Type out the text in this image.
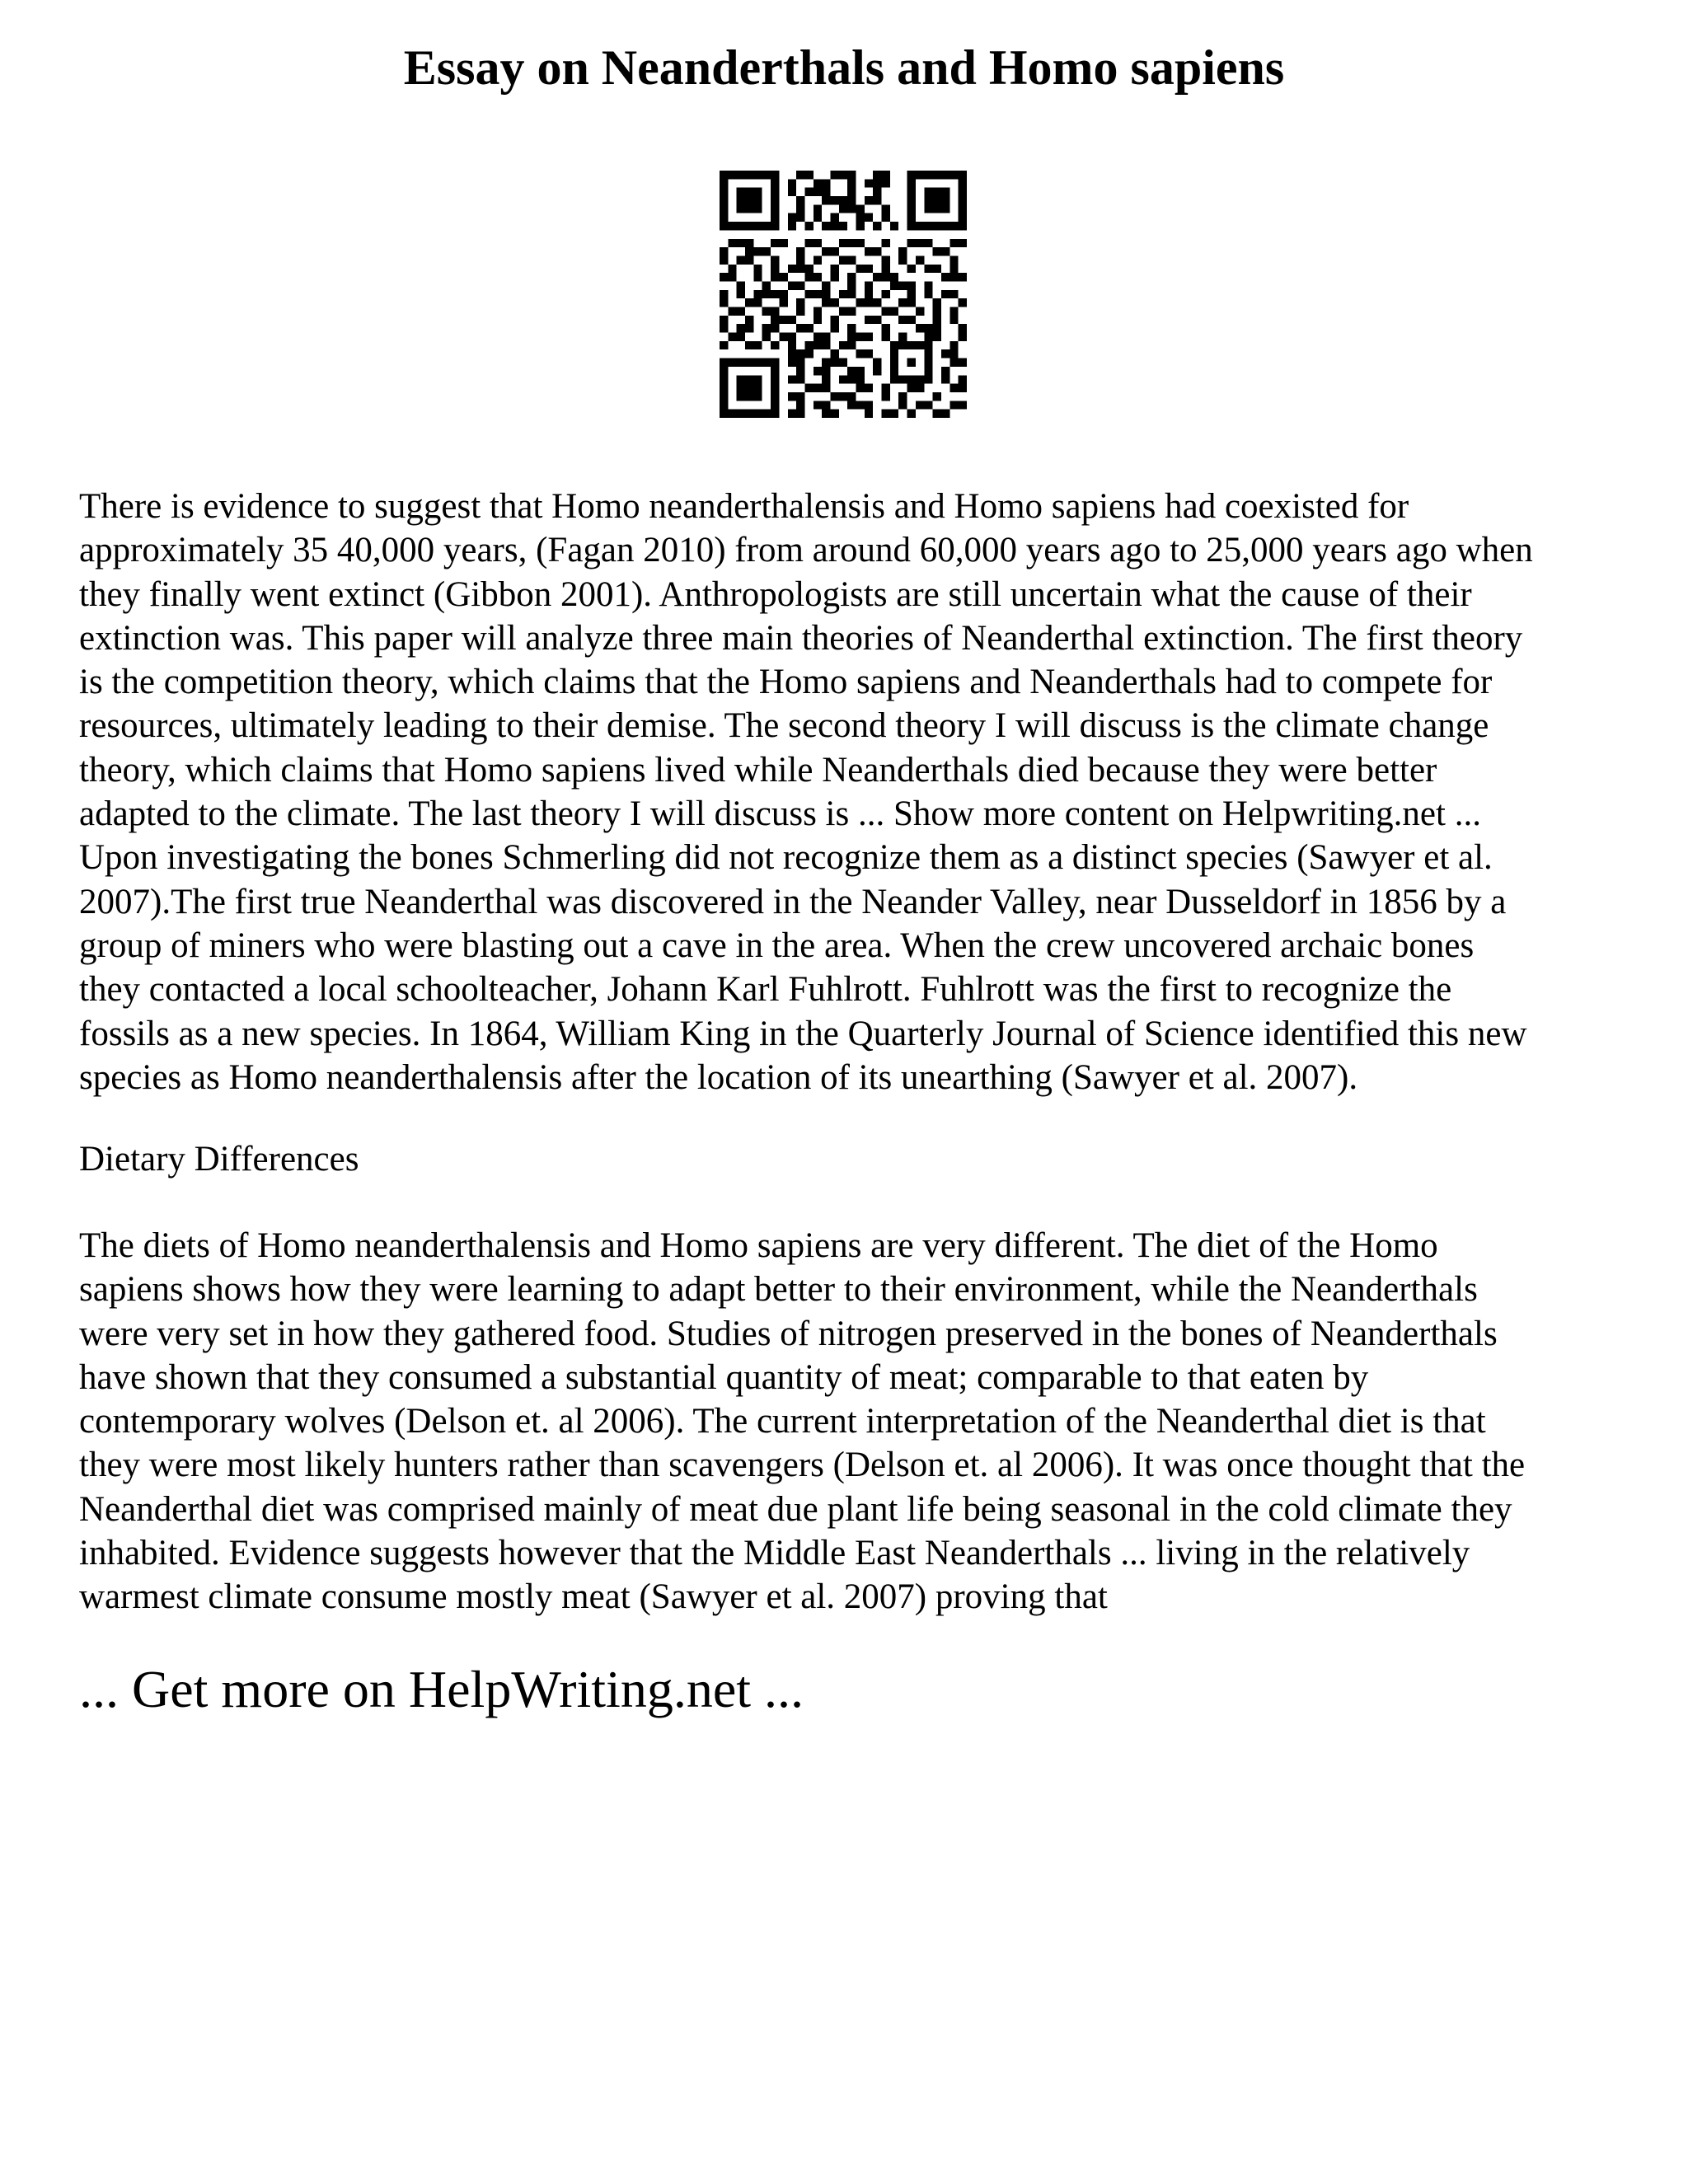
Essay on Neanderthals and Homo sapiens

There is evidence to suggest that Homo neanderthalensis and Homo sapiens had coexisted for
approximately 35 40,000 years, (Fagan 2010) from around 60,000 years ago to 25,000 years ago when
they finally went extinct (Gibbon 2001). Anthropologists are still uncertain what the cause of their
extinction was. This paper will analyze three main theories of Neanderthal extinction. The first theory
is the competition theory, which claims that the Homo sapiens and Neanderthals had to compete for
resources, ultimately leading to their demise. The second theory I will discuss is the climate change
theory, which claims that Homo sapiens lived while Neanderthals died because they were better
adapted to the climate. The last theory I will discuss is ... Show more content on Helpwriting.net ...
Upon investigating the bones Schmerling did not recognize them as a distinct species (Sawyer et al.
2007).The first true Neanderthal was discovered in the Neander Valley, near Dusseldorf in 1856 by a
group of miners who were blasting out a cave in the area. When the crew uncovered archaic bones
they contacted a local schoolteacher, Johann Karl Fuhlrott. Fuhlrott was the first to recognize the
fossils as a new species. In 1864, William King in the Quarterly Journal of Science identified this new
species as Homo neanderthalensis after the location of its unearthing (Sawyer et al. 2007).

Dietary Differences

The diets of Homo neanderthalensis and Homo sapiens are very different. The diet of the Homo
sapiens shows how they were learning to adapt better to their environment, while the Neanderthals
were very set in how they gathered food. Studies of nitrogen preserved in the bones of Neanderthals
have shown that they consumed a substantial quantity of meat; comparable to that eaten by
contemporary wolves (Delson et. al 2006). The current interpretation of the Neanderthal diet is that
they were most likely hunters rather than scavengers (Delson et. al 2006). It was once thought that the
Neanderthal diet was comprised mainly of meat due plant life being seasonal in the cold climate they
inhabited. Evidence suggests however that the Middle East Neanderthals ... living in the relatively
warmest climate consume mostly meat (Sawyer et al. 2007) proving that

... Get more on HelpWriting.net ...
